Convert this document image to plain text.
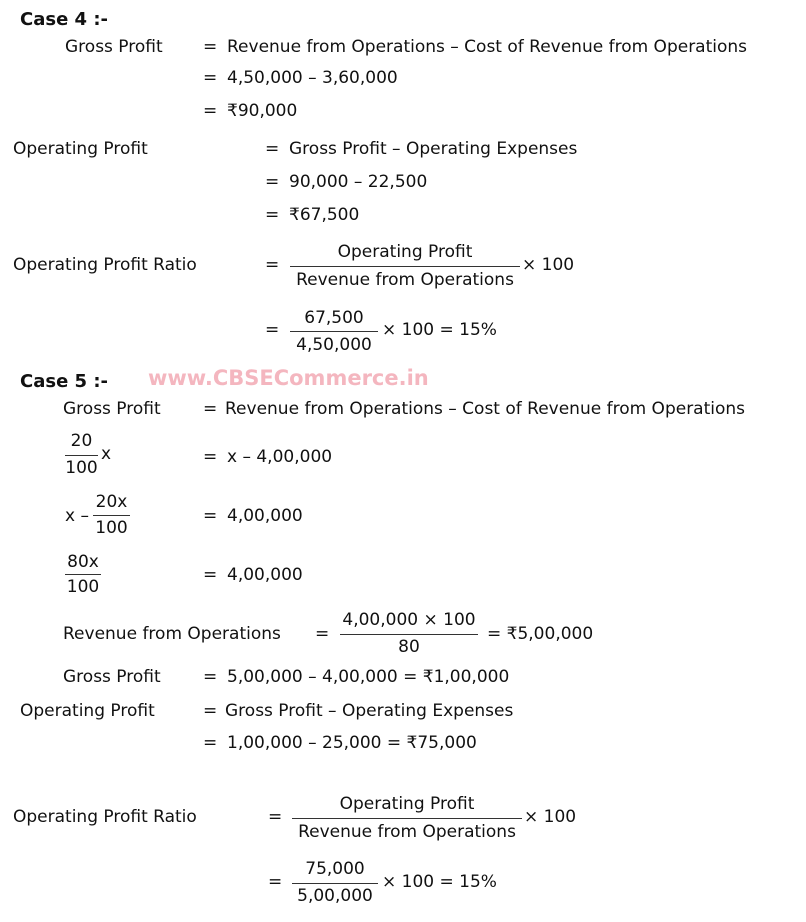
Case 4 :-
Gross Profit = Revenue from Operations – Cost of Revenue from Operations
= 4,50,000 – 3,60,000
= ₹90,000
Operating Profit	= Gross Profit – Operating Expenses
= 90,000 – 22,500
= ₹67,500
Operating Profit Ratio	=
Operating Profit
Revenue from Operations
× 100
=
67,500
4,50,000
× 100 = 15%
Case 5 :- www.CBSECommerce.in
Gross Profit = Revenue from Operations – Cost of Revenue from Operations
20
100
x	= x – 4,00,000
x –
20x
100
= 4,00,000
80x
100
= 4,00,000
Revenue from Operations =
4,00,000 × 100
80
= ₹5,00,000
Gross Profit = 5,00,000 – 4,00,000 = ₹1,00,000
Operating Profit	= Gross Profit – Operating Expenses
= 1,00,000 – 25,000 = ₹75,000
Operating Profit Ratio	=
Operating Profit
Revenue from Operations
× 100
=
75,000
5,00,000
× 100 = 15%
